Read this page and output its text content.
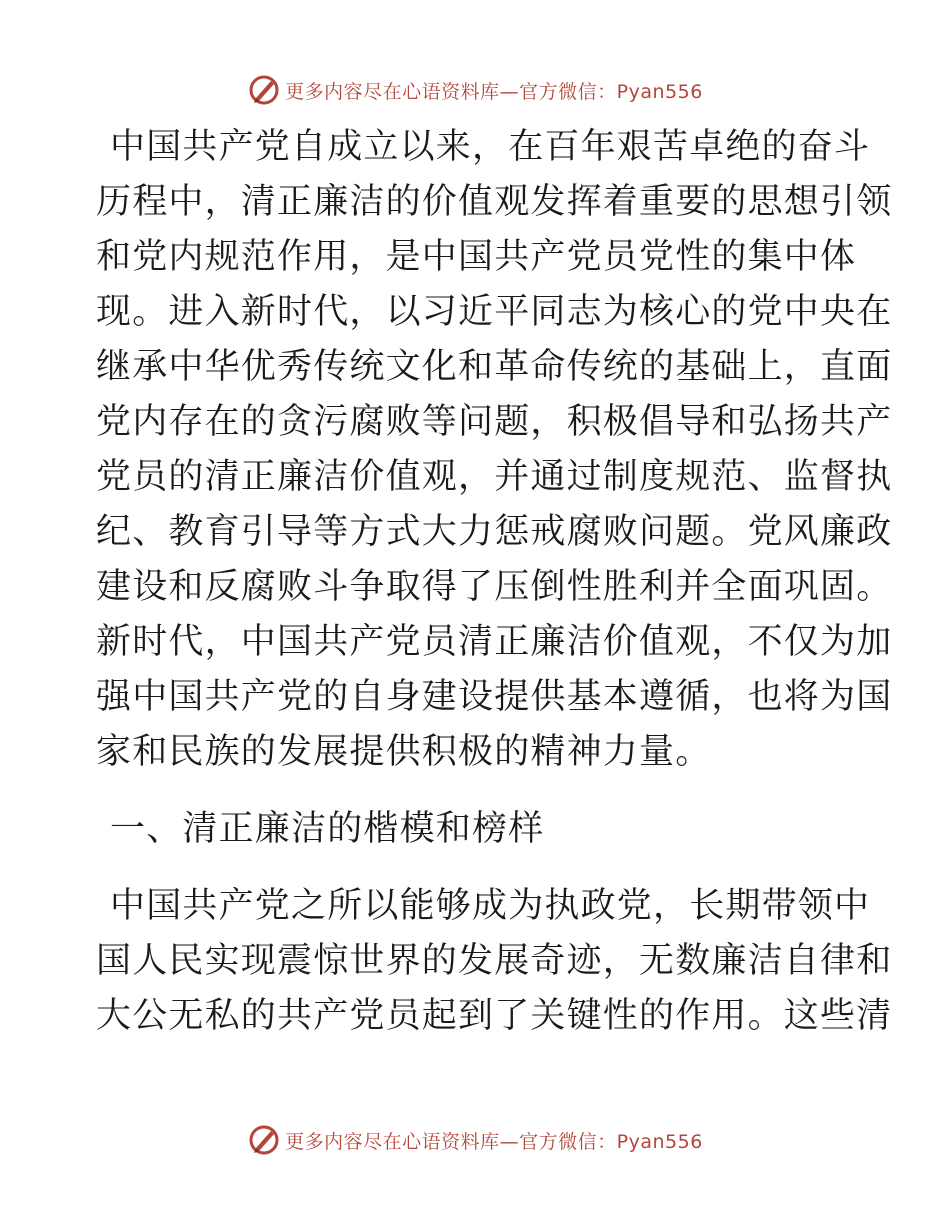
更多内容尽在心语资料库—官方微信：Pyan556
中国共产党自成立以来，在百年艰苦卓绝的奋斗
历程中，清正廉洁的价值观发挥着重要的思想引领
和党内规范作用，是中国共产党员党性的集中体
现。进入新时代，以习近平同志为核心的党中央在
继承中华优秀传统文化和革命传统的基础上，直面
党内存在的贪污腐败等问题，积极倡导和弘扬共产
党员的清正廉洁价值观，并通过制度规范、监督执
纪、教育引导等方式大力惩戒腐败问题。党风廉政
建设和反腐败斗争取得了压倒性胜利并全面巩固。
新时代，中国共产党员清正廉洁价值观，不仅为加
强中国共产党的自身建设提供基本遵循，也将为国
家和民族的发展提供积极的精神力量。
一、清正廉洁的楷模和榜样
中国共产党之所以能够成为执政党，长期带领中
国人民实现震惊世界的发展奇迹，无数廉洁自律和
大公无私的共产党员起到了关键性的作用。这些清
更多内容尽在心语资料库—官方微信：Pyan556
